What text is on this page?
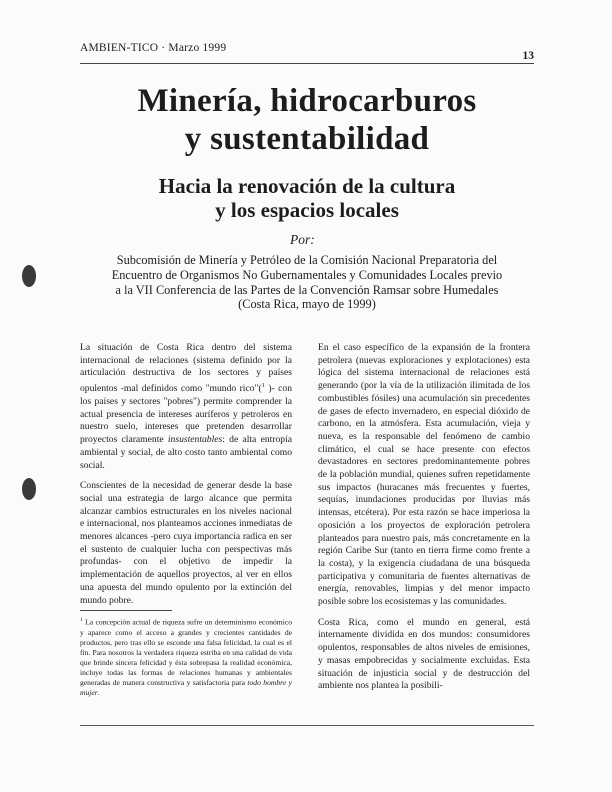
AMBIEN-TICO · Marzo 1999
13
Minería, hidrocarburos
y sustentabilidad
Hacia la renovación de la cultura
y los espacios locales
Por:
Subcomisión de Minería y Petróleo de la Comisión Nacional Preparatoria del
Encuentro de Organismos No Gubernamentales y Comunidades Locales previo
a la VII Conferencia de las Partes de la Convención Ramsar sobre Humedales
(Costa Rica, mayo de 1999)

La situación de Costa Rica dentro del sistema internacional de relaciones (sistema definido por la articulación destructiva de los sectores y países opulentos -mal definidos como "mundo rico"($^1$ )- con los países y sectores "pobres") permite comprender la actual presencia de intereses auríferos y petroleros en nuestro suelo, intereses que pretenden desarrollar proyectos claramente insustentables: de alta entropía ambiental y social, de alto costo tanto ambiental como social.

Conscientes de la necesidad de generar desde la base social una estrategia de largo alcance que permita alcanzar cambios estructurales en los niveles nacional e internacional, nos planteamos acciones inmediatas de menores alcances -pero cuya importancia radica en ser el sustento de cualquier lucha con perspectivas más profundas- con el objetivo de impedir la implementación de aquellos proyectos, al ver en ellos una apuesta del mundo opulento por la extinción del mundo pobre.

$^1$ La concepción actual de riqueza sufre un determinismo económico y aparece como el acceso a grandes y crecientes cantidades de productos, pero tras ello se esconde una falsa felicidad, la cual es el fin. Para nosotros la verdadera riqueza estriba en una calidad de vida que brinde sincera felicidad y ésta sobrepasa la realidad económica, incluye todas las formas de relaciones humanas y ambientales generadas de manera constructiva y satisfactoria para todo hombre y mujer.

En el caso específico de la expansión de la frontera petrolera (nuevas exploraciones y explotaciones) esta lógica del sistema internacional de relaciones está generando (por la vía de la utilización ilimitada de los combustibles fósiles) una acumulación sin precedentes de gases de efecto invernadero, en especial dióxido de carbono, en la atmósfera. Esta acumulación, vieja y nueva, es la responsable del fenómeno de cambio climático, el cual se hace presente con efectos devastadores en sectores predominantemente pobres de la población mundial, quienes sufren repetidamente sus impactos (huracanes más frecuentes y fuertes, sequías, inundaciones producidas por lluvias más intensas, etcétera). Por esta razón se hace imperiosa la oposición a los proyectos de exploración petrolera planteados para nuestro país, más concretamente en la región Caribe Sur (tanto en tierra firme como frente a la costa), y la exigencia ciudadana de una búsqueda participativa y comunitaria de fuentes alternativas de energía, renovables, limpias y del menor impacto posible sobre los ecosistemas y las comunidades.

Costa Rica, como el mundo en general, está internamente dividida en dos mundos: consumidores opulentos, responsables de altos niveles de emisiones, y masas empobrecidas y socialmente excluidas. Esta situación de injusticia social y de destrucción del ambiente nos plantea la posibili-
